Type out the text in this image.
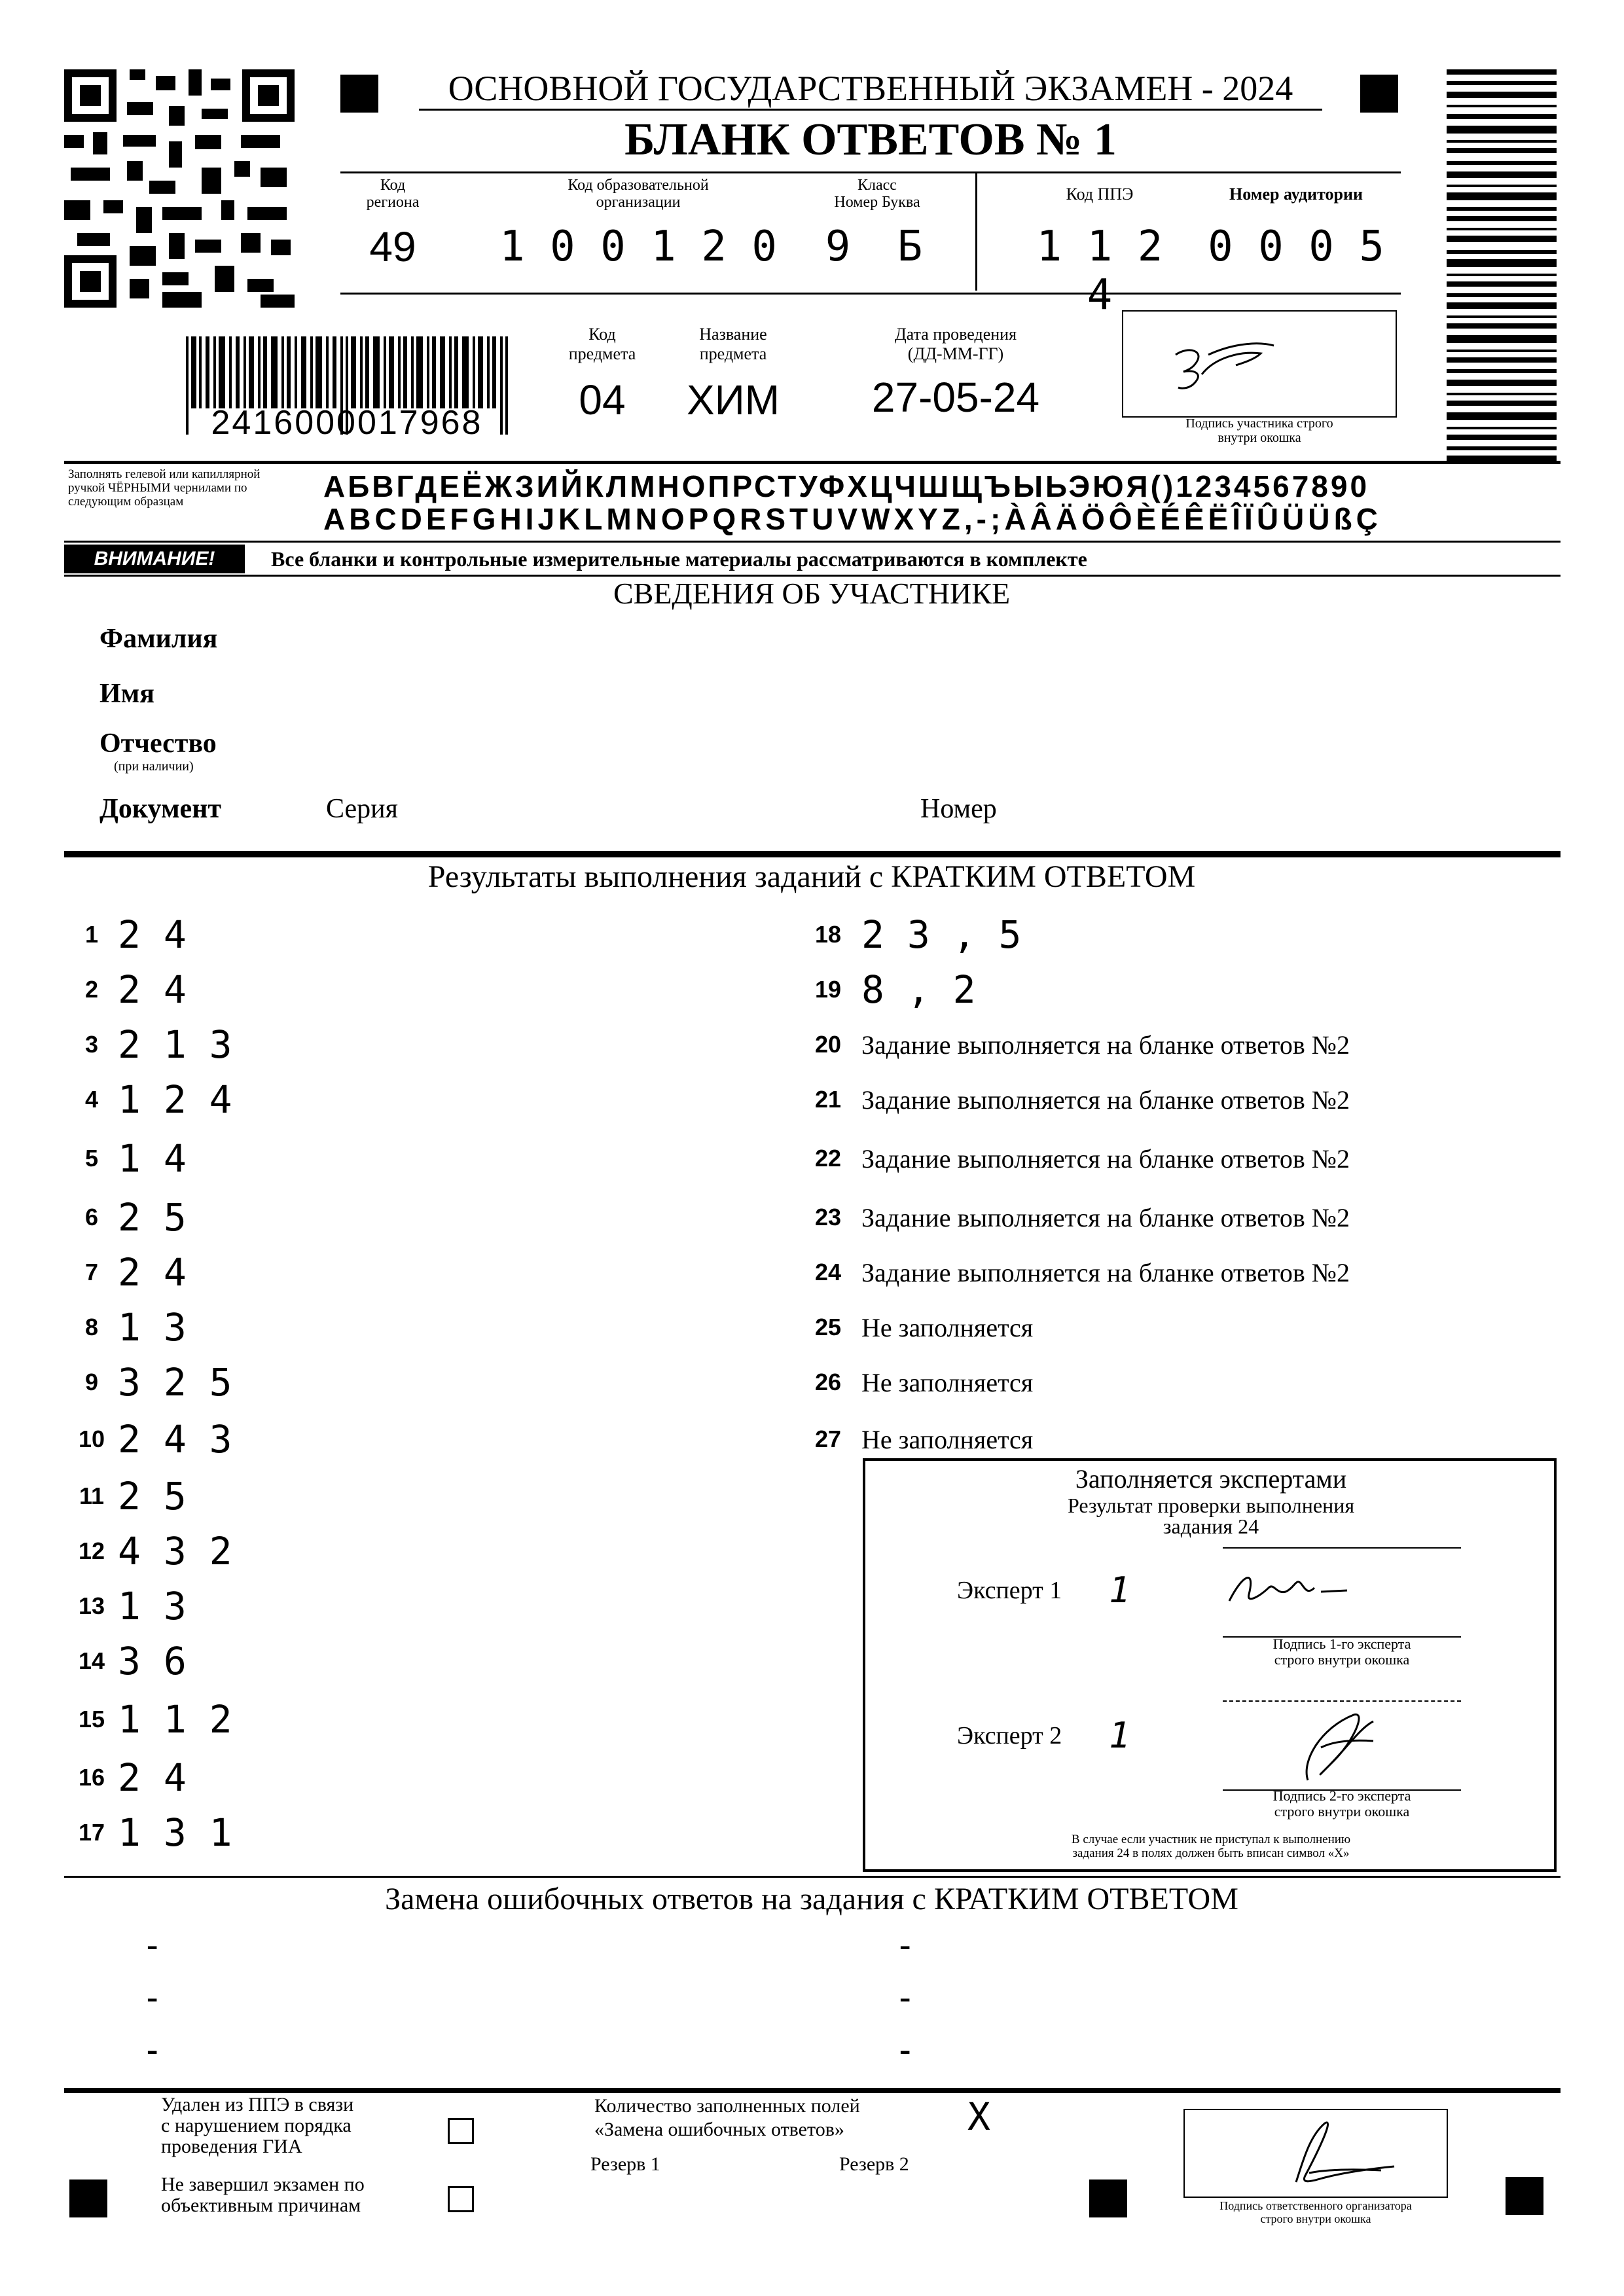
ОСНОВНОЙ ГОСУДАРСТВЕННЫЙ ЭКЗАМЕН - 2024
БЛАНК ОТВЕТОВ № 1
Код
региона
49
Код образовательной
организации
1 0 0 1 2 0
Класс
Номер Буква
9	Б
Код ППЭ
1 1 2 4
Номер аудитории
0 0 0 5
2416000017968
Код
предмета
04
Название
предмета
ХИМ
Дата проведения
(ДД-ММ-ГГ)
27-05-24
Подпись участника строго
внутри окошка
Заполнять гелевой или капиллярной ручкой ЧЁРНЫМИ чернилами по следующим образцам	АБВГДЕЁЖЗИЙКЛМНОПРСТУФХЦЧШЩЪЫЬЭЮЯ()1234567890
ABCDEFGHIJKLMNOPQRSTUVWXYZ,-;ÀÂÄÖÔÈÉÊËÎÏÛÜÜßÇ
ВНИМАНИЕ!	Все бланки и контрольные измерительные материалы рассматриваются в комплекте
СВЕДЕНИЯ ОБ УЧАСТНИКЕ
Фамилия
Имя
Отчество
(при наличии)
Документ	Серия	Номер
Результаты выполнения заданий с КРАТКИМ ОТВЕТОМ
1 2 4
2 2 4
3 2 1 3
4 1 2 4
5 1 4
6 2 5
7 2 4
8 1 3
9 3 2 5
10 2 4 3
11 2 5
12 4 3 2
13 1 3
14 3 6
15 1 1 2
16 2 4
17 1 3 1
18 2 3 , 5
19 8 , 2
20 Задание выполняется на бланке ответов №2
21 Задание выполняется на бланке ответов №2
22 Задание выполняется на бланке ответов №2
23 Задание выполняется на бланке ответов №2
24 Задание выполняется на бланке ответов №2
25 Не заполняется
26 Не заполняется
27 Не заполняется
Заполняется экспертами
Результат проверки выполнения
задания 24
Эксперт 1 1
Подпись 1-го эксперта
строго внутри окошка
Эксперт 2 1
Подпись 2-го эксперта
строго внутри окошка
В случае если участник не приступал к выполнению
задания 24 в полях должен быть вписан символ «X»
Замена ошибочных ответов на задания с КРАТКИМ ОТВЕТОМ
-
-
-
-
-
-
Удален из ППЭ в связи
с нарушением порядка
проведения ГИА
Не завершил экзамен по
объективным причинам
Количество заполненных полей
«Замена ошибочных ответов»	X
Резерв 1	Резерв 2
Подпись ответственного организатора
строго внутри окошка
